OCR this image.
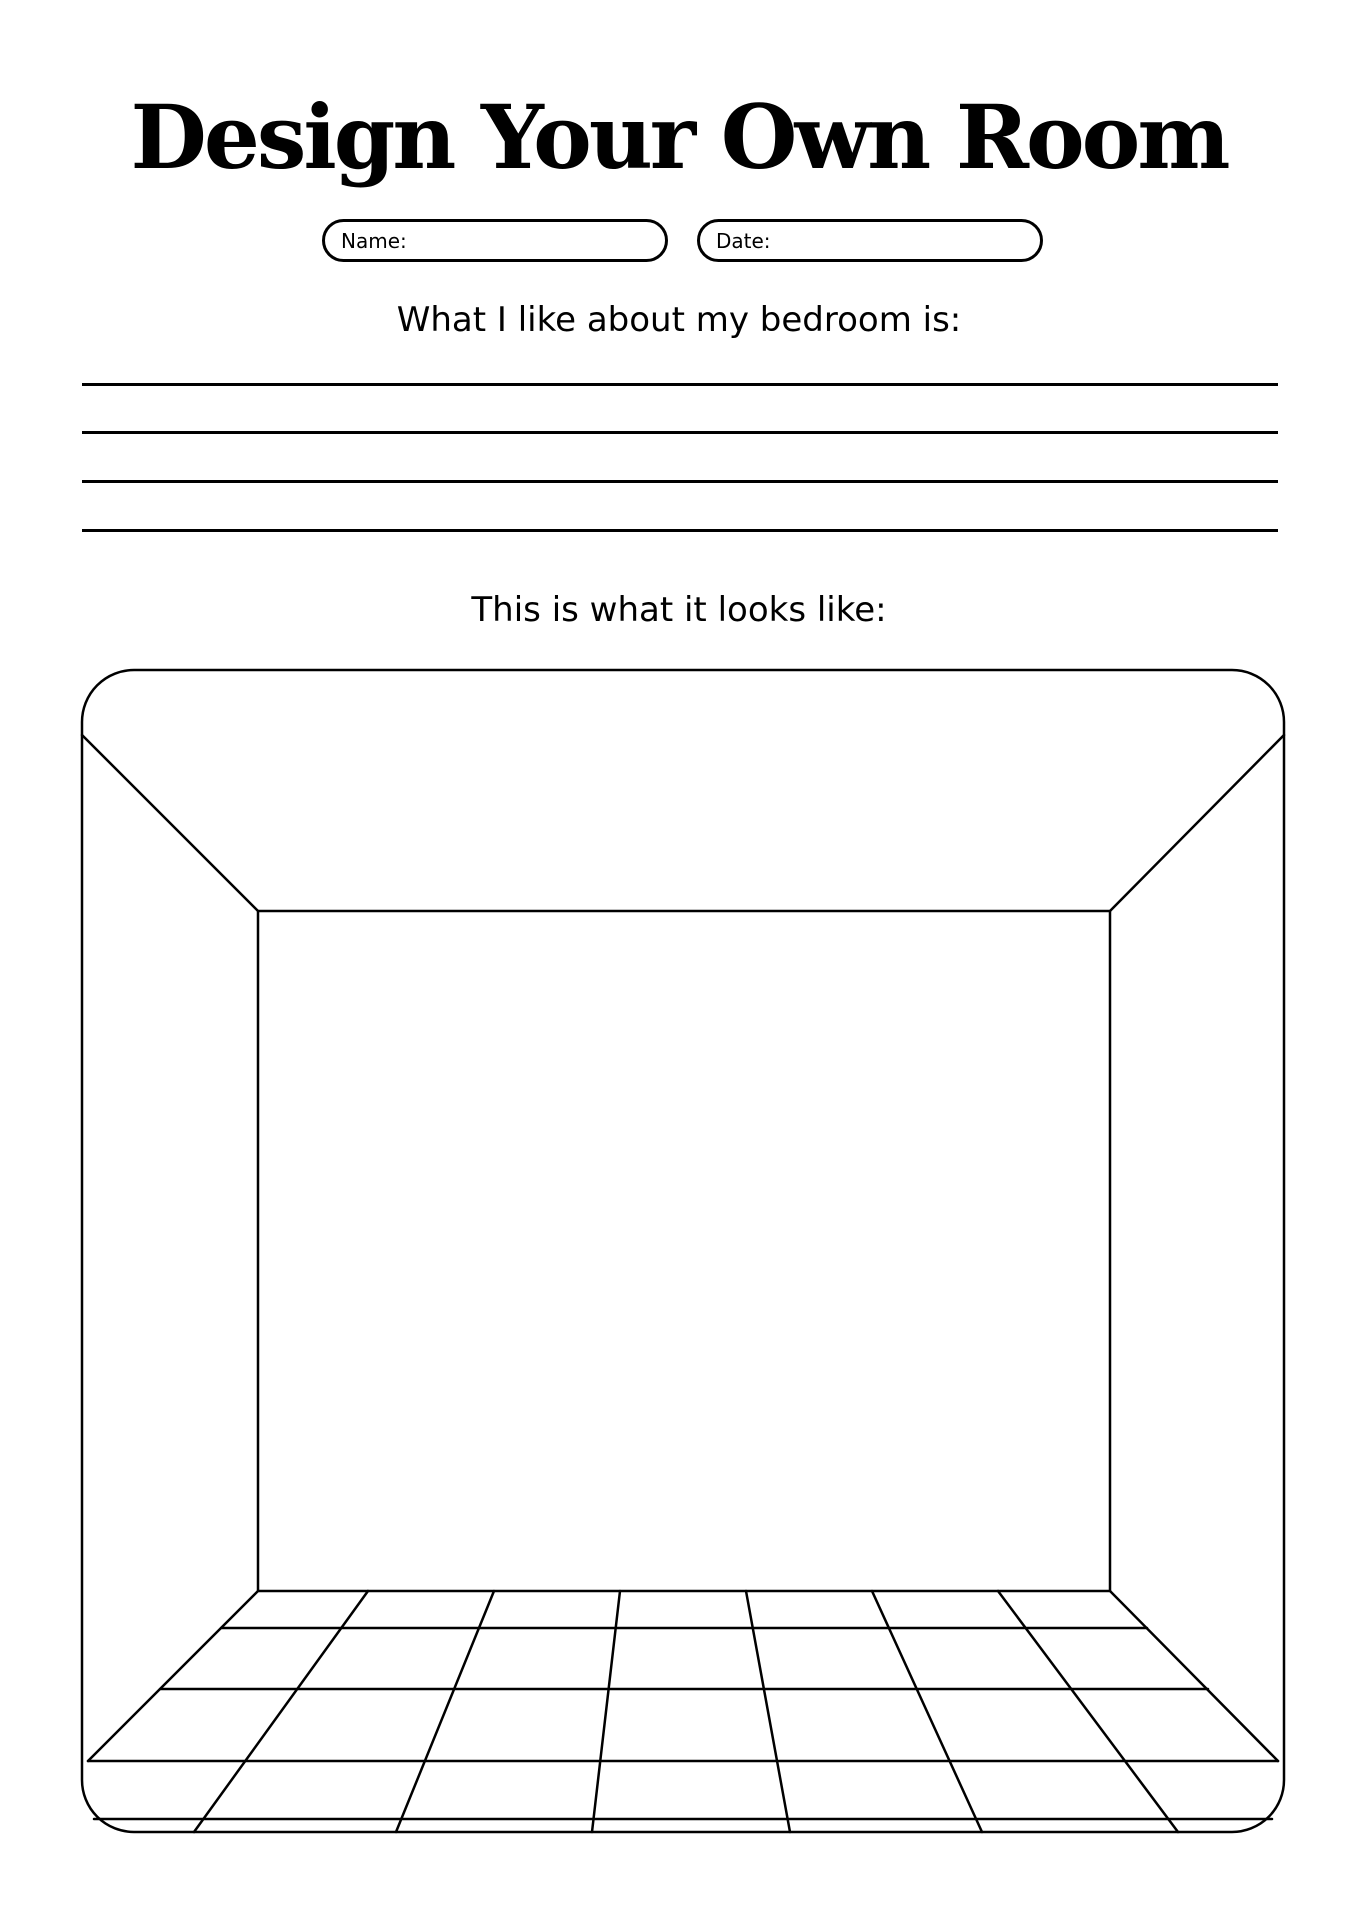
Design Your Own Room
Name:	Date:
What I like about my bedroom is:
This is what it looks like:
